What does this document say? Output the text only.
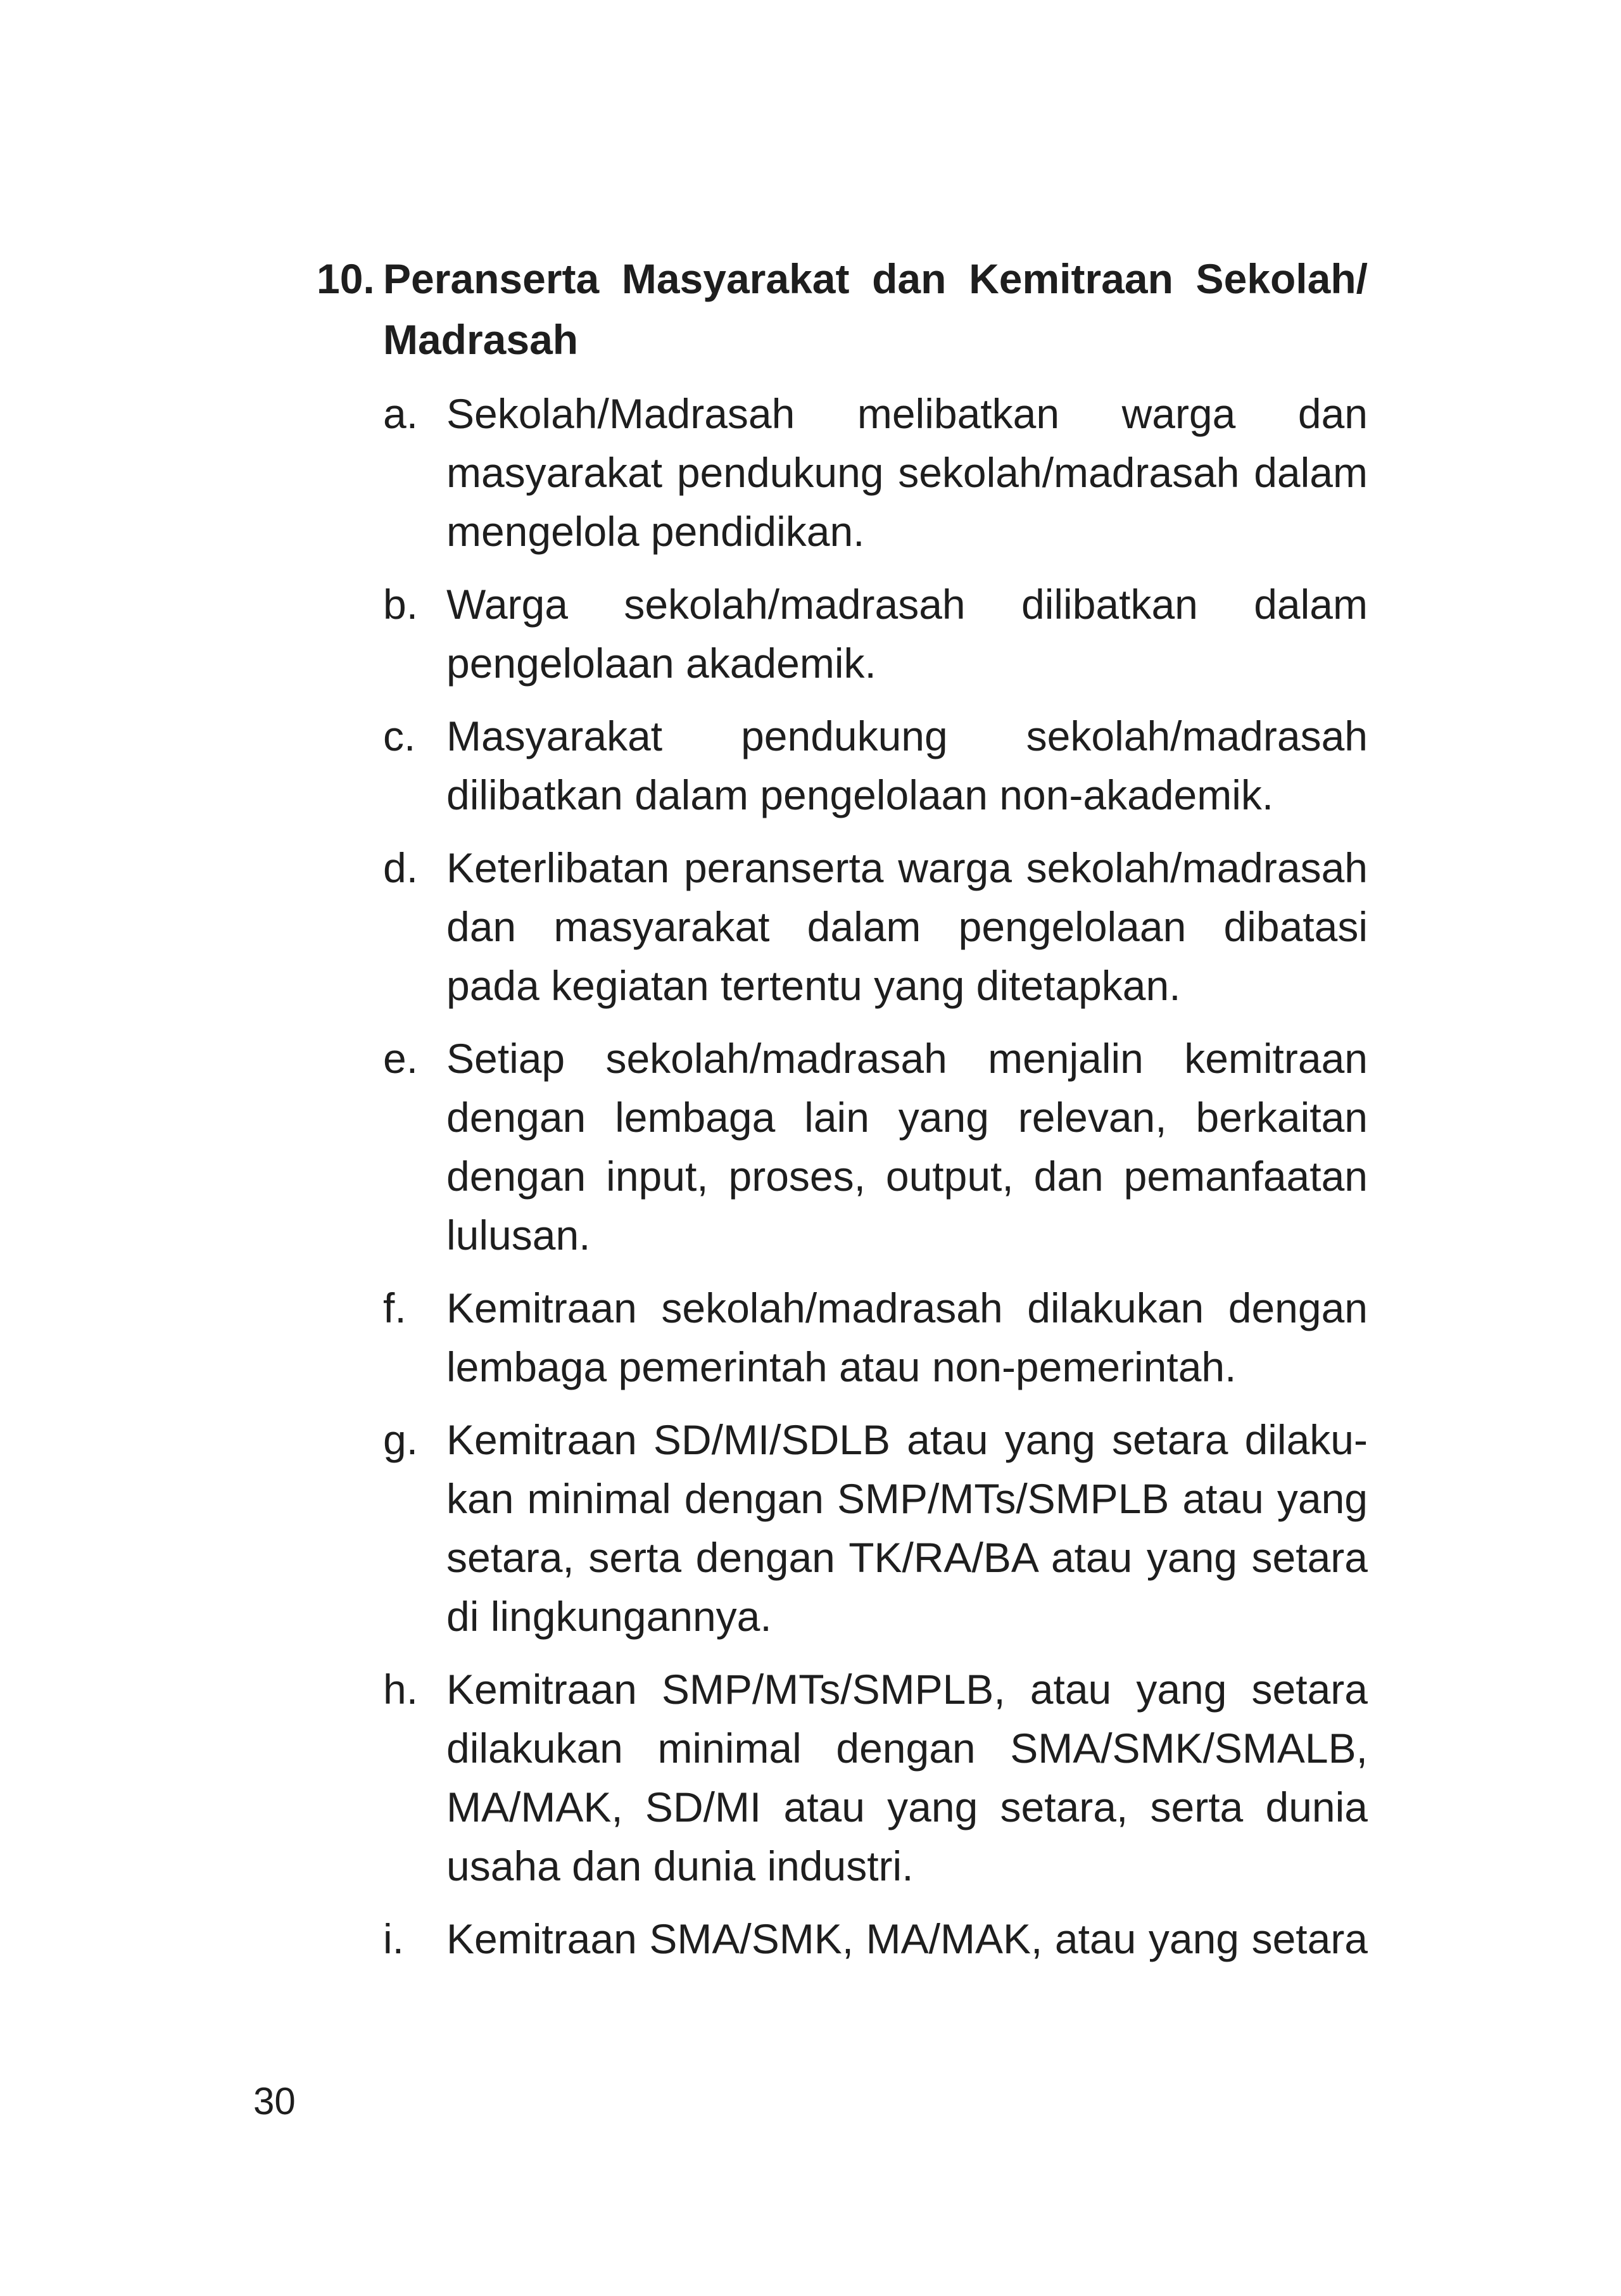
10. Peranserta Masyarakat dan Kemitraan Sekolah/ Madrasah
a. Sekolah/Madrasah melibatkan warga dan masyarakat pendukung sekolah/madrasah dalam mengelola pendidikan.
b. Warga sekolah/madrasah dilibatkan dalam pengelolaan akademik.
c. Masyarakat pendukung sekolah/madrasah dilibatkan dalam pengelolaan non-akademik.
d. Keterlibatan peranserta warga sekolah/madrasah dan masyarakat dalam pengelolaan dibatasi pada kegiatan tertentu yang ditetapkan.
e. Setiap sekolah/madrasah menjalin kemitraan dengan lembaga lain yang relevan, berkaitan dengan input, proses, output, dan pemanfaatan lulusan.
f. Kemitraan sekolah/madrasah dilakukan dengan lembaga pemerintah atau non-pemerintah.
g. Kemitraan SD/MI/SDLB atau yang setara dilakukan minimal dengan SMP/MTs/SMPLB atau yang setara, serta dengan TK/RA/BA atau yang setara di lingkungannya.
h. Kemitraan SMP/MTs/SMPLB, atau yang setara dilakukan minimal dengan SMA/SMK/SMALB, MA/​MAK, SD/MI atau yang setara, serta dunia usaha dan dunia industri.
i. Kemitraan SMA/SMK, MA/MAK, atau yang setara
30
